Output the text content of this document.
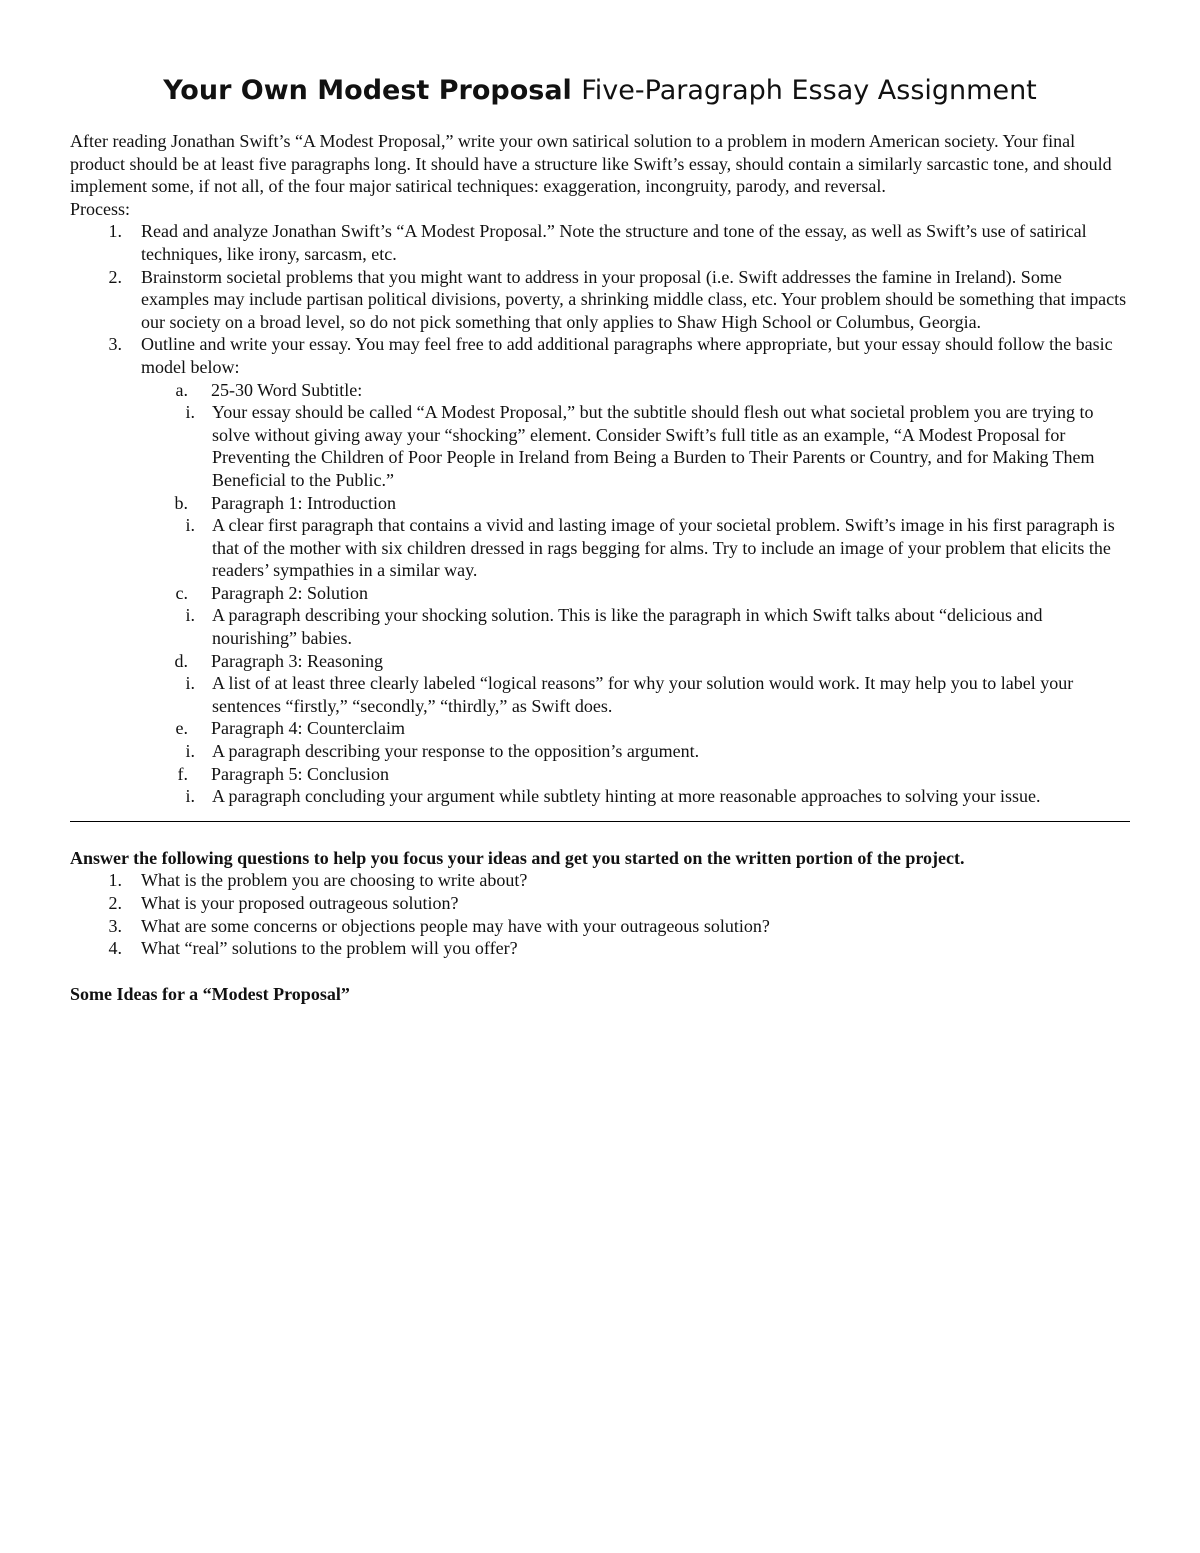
Your Own Modest Proposal Five-Paragraph Essay Assignment

After reading Jonathan Swift’s “A Modest Proposal,” write your own satirical solution to a problem in modern American society. Your final product should be at least five paragraphs long. It should have a structure like Swift’s essay, should contain a similarly sarcastic tone, and should implement some, if not all, of the four major satirical techniques: exaggeration, incongruity, parody, and reversal.

Process:

1. Read and analyze Jonathan Swift’s “A Modest Proposal.” Note the structure and tone of the essay, as well as Swift’s use of satirical techniques, like irony, sarcasm, etc.
2. Brainstorm societal problems that you might want to address in your proposal (i.e. Swift addresses the famine in Ireland). Some examples may include partisan political divisions, poverty, a shrinking middle class, etc. Your problem should be something that impacts our society on a broad level, so do not pick something that only applies to Shaw High School or Columbus, Georgia.
3. Outline and write your essay. You may feel free to add additional paragraphs where appropriate, but your essay should follow the basic model below:
a. 25-30 Word Subtitle:
i. Your essay should be called “A Modest Proposal,” but the subtitle should flesh out what societal problem you are trying to solve without giving away your “shocking” element. Consider Swift’s full title as an example, “A Modest Proposal for Preventing the Children of Poor People in Ireland from Being a Burden to Their Parents or Country, and for Making Them Beneficial to the Public.”
b. Paragraph 1: Introduction
i. A clear first paragraph that contains a vivid and lasting image of your societal problem. Swift’s image in his first paragraph is that of the mother with six children dressed in rags begging for alms. Try to include an image of your problem that elicits the readers’ sympathies in a similar way.
c. Paragraph 2: Solution
i. A paragraph describing your shocking solution. This is like the paragraph in which Swift talks about “delicious and nourishing” babies.
d. Paragraph 3: Reasoning
i. A list of at least three clearly labeled “logical reasons” for why your solution would work. It may help you to label your sentences “firstly,” “secondly,” “thirdly,” as Swift does.
e. Paragraph 4: Counterclaim
i. A paragraph describing your response to the opposition’s argument.
f. Paragraph 5: Conclusion
i. A paragraph concluding your argument while subtlety hinting at more reasonable approaches to solving your issue.

Answer the following questions to help you focus your ideas and get you started on the written portion of the project.

1. What is the problem you are choosing to write about?
2. What is your proposed outrageous solution?
3. What are some concerns or objections people may have with your outrageous solution?
4. What “real” solutions to the problem will you offer?

Some Ideas for a “Modest Proposal”
